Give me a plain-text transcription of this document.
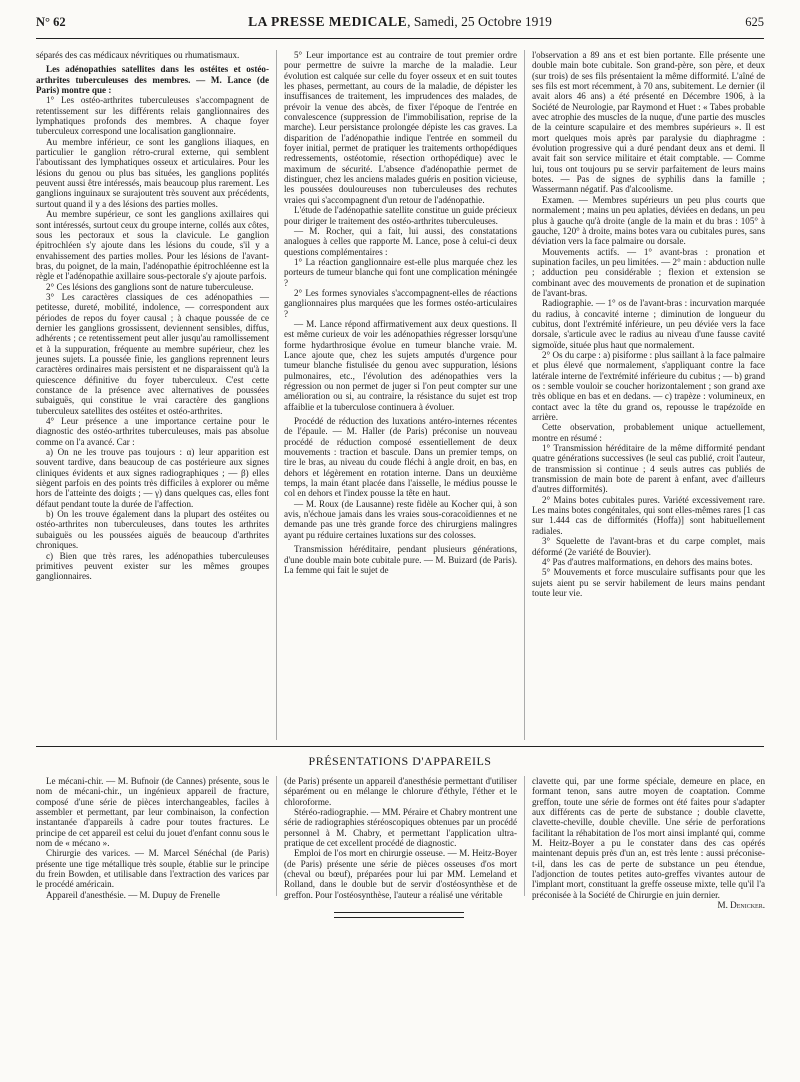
N° 62	LA PRESSE MEDICALE, Samedi, 25 Octobre 1919	625

séparés des cas médicaux névritiques ou rhumatismaux.

Les adénopathies satellites dans les ostéites et ostéo-arthrites tuberculeuses des membres. — M. Lance (de Paris) montre que :

1° Les ostéo-arthrites tuberculeuses s'accompagnent de retentissement sur les différents relais ganglionnaires des lymphatiques profonds des membres. A chaque foyer tuberculeux correspond une localisation ganglionnaire.

Au membre inférieur, ce sont les ganglions iliaques, en particulier le ganglion rétro-crural externe, qui semblent l'aboutissant des lymphatiques osseux et articulaires. Pour les lésions du genou ou plus bas situées, les ganglions poplités peuvent aussi être intéressés, mais beaucoup plus rarement. Les ganglions inguinaux se surajoutent très souvent aux précédents, surtout quand il y a des lésions des parties molles.

Au membre supérieur, ce sont les ganglions axillaires qui sont intéressés, surtout ceux du groupe interne, collés aux côtes, sous les pectoraux et sous la clavicule. Le ganglion épitrochléen s'y ajoute dans les lésions du coude, s'il y a envahissement des parties molles. Pour les lésions de l'avant-bras, du poignet, de la main, l'adénopathie épitrochléenne est la règle et l'adénopathie axillaire sous-pectorale s'y ajoute parfois.

2° Ces lésions des ganglions sont de nature tuberculeuse.

3° Les caractères classiques de ces adénopathies — petitesse, dureté, mobilité, indolence, — correspondent aux périodes de repos du foyer causal ; à chaque poussée de ce dernier les ganglions grossissent, deviennent sensibles, diffus, adhérents ; ce retentissement peut aller jusqu'au ramollissement et à la suppuration, fréquente au membre supérieur, chez les jeunes sujets. La poussée finie, les ganglions reprennent leurs caractères ordinaires mais persistent et ne disparaissent qu'à la quiescence définitive du foyer tuberculeux. C'est cette constance de la présence avec alternatives de poussées subaiguës, qui constitue le vrai caractère des ganglions tuberculeux satellites des ostéites et ostéo-arthrites.

4° Leur présence a une importance certaine pour le diagnostic des ostéo-arthrites tuberculeuses, mais pas absolue comme on l'a avancé. Car :

a) On ne les trouve pas toujours : α) leur apparition est souvent tardive, dans beaucoup de cas postérieure aux signes cliniques évidents et aux signes radiographiques ; — β) elles siègent parfois en des points très difficiles à explorer ou même hors de l'atteinte des doigts ; — γ) dans quelques cas, elles font défaut pendant toute la durée de l'affection.

b) On les trouve également dans la plupart des ostéites ou ostéo-arthrites non tuberculeuses, dans toutes les arthrites subaiguës ou les poussées aiguës de beaucoup d'arthrites chroniques.

c) Bien que très rares, les adénopathies tuberculeuses primitives peuvent exister sur les mêmes groupes ganglionnaires.

5° Leur importance est au contraire de tout premier ordre pour permettre de suivre la marche de la maladie. Leur évolution est calquée sur celle du foyer osseux et en suit toutes les phases, permettant, au cours de la maladie, de dépister les insuffisances de traitement, les imprudences des malades, de prévoir la venue des abcès, de fixer l'époque de l'entrée en convalescence (suppression de l'immobilisation, reprise de la marche). Leur persistance prolongée dépiste les cas graves. La disparition de l'adénopathie indique l'entrée en sommeil du foyer initial, permet de pratiquer les traitements orthopédiques redressements, ostéotomie, résection orthopédique) avec le maximum de sécurité. L'absence d'adénopathie permet de distinguer, chez les anciens malades guéris en position vicieuse, les poussées douloureuses non tuberculeuses des rechutes vraies qui s'accompagnent d'un retour de l'adénopathie.

L'étude de l'adénopathie satellite constitue un guide précieux pour diriger le traitement des ostéo-arthrites tuberculeuses.

— M. Rocher, qui a fait, lui aussi, des constatations analogues à celles que rapporte M. Lance, pose à celui-ci deux questions complémentaires :

1° La réaction ganglionnaire est-elle plus marquée chez les porteurs de tumeur blanche qui font une complication méningée ?

2° Les formes synoviales s'accompagnent-elles de réactions ganglionnaires plus marquées que les formes ostéo-articulaires ?

— M. Lance répond affirmativement aux deux questions. Il est même curieux de voir les adénopathies régresser lorsqu'une forme hydarthrosique évolue en tumeur blanche vraie. M. Lance ajoute que, chez les sujets amputés d'urgence pour tumeur blanche fistulisée du genou avec suppuration, lésions pulmonaires, etc., l'évolution des adénopathies vers la régression ou non permet de juger si l'on peut compter sur une amélioration ou si, au contraire, la résistance du sujet est trop affaiblie et la tuberculose continuera à évoluer.

Procédé de réduction des luxations antéro-internes récentes de l'épaule. — M. Haller (de Paris) préconise un nouveau procédé de réduction composé essentiellement de deux mouvements : traction et bascule. Dans un premier temps, on tire le bras, au niveau du coude fléchi à angle droit, en bas, en dehors et légèrement en rotation interne. Dans un deuxième temps, la main étant placée dans l'aisselle, le médius pousse le col en dehors et l'index pousse la tête en haut.

— M. Roux (de Lausanne) reste fidèle au Kocher qui, à son avis, n'échoue jamais dans les vraies sous-coracoïdiennes et ne demande pas une très grande force des chirurgiens malingres ayant pu réduire certaines luxations sur des colosses.

Transmission héréditaire, pendant plusieurs générations, d'une double main bote cubitale pure. — M. Buizard (de Paris). La femme qui fait le sujet de

l'observation a 89 ans et est bien portante. Elle présente une double main bote cubitale. Son grand-père, son père, et deux (sur trois) de ses fils présentaient la même difformité. L'aîné de ses fils est mort récemment, à 70 ans, subitement. Le dernier (il avait alors 46 ans) a été présenté en Décembre 1906, à la Société de Neurologie, par Raymond et Huet : « Tabes probable avec atrophie des muscles de la nuque, d'une partie des muscles de la ceinture scapulaire et des membres supérieurs ». Il est mort quelques mois après par paralysie du diaphragme : évolution progressive qui a duré pendant deux ans et demi. Il avait fait son service militaire et était comptable. — Comme lui, tous ont toujours pu se servir parfaitement de leurs mains botes. — Pas de signes de syphilis dans la famille ; Wassermann négatif. Pas d'alcoolisme.

Examen. — Membres supérieurs un peu plus courts que normalement ; mains un peu aplaties, déviées en dedans, un peu plus à gauche qu'à droite (angle de la main et du bras : 105° à gauche, 120° à droite, mains botes vara ou cubitales pures, sans déviation vers la face palmaire ou dorsale.

Mouvements actifs. — 1° avant-bras : pronation et supination faciles, un peu limitées. — 2° main : abduction nulle ; adduction peu considérable ; flexion et extension se combinant avec des mouvements de pronation et de supination de l'avant-bras.

Radiographie. — 1° os de l'avant-bras : incurvation marquée du radius, à concavité interne ; diminution de longueur du cubitus, dont l'extrémité inférieure, un peu déviée vers la face dorsale, s'articule avec le radius au niveau d'une fausse cavité sigmoïde, située plus haut que normalement.

2° Os du carpe : a) pisiforme : plus saillant à la face palmaire et plus élevé que normalement, s'appliquant contre la face latérale interne de l'extrémité inférieure du cubitus ; — b) grand os : semble vouloir se coucher horizontalement ; son grand axe très oblique en bas et en dedans. — c) trapèze : volumineux, en contact avec la tête du grand os, repousse le trapézoïde en arrière.

Cette observation, probablement unique actuellement, montre en résumé :

1° Transmission héréditaire de la même difformité pendant quatre générations successives (le seul cas publié, croit l'auteur, de transmission si continue ; 4 seuls autres cas publiés de transmission de main bote de parent à enfant, avec d'ailleurs d'autres difformités).

2° Mains botes cubitales pures. Variété excessivement rare. Les mains botes congénitales, qui sont elles-mêmes rares [1 cas sur 1.444 cas de difformités (Hoffa)] sont habituellement radiales.

3° Squelette de l'avant-bras et du carpe complet, mais déformé (2e variété de Bouvier).

4° Pas d'autres malformations, en dehors des mains botes.

5° Mouvements et force musculaire suffisants pour que les sujets aient pu se servir habilement de leurs mains pendant toute leur vie.

PRÉSENTATIONS D'APPAREILS

Le mécani-chir. — M. Bufnoir (de Cannes) présente, sous le nom de mécani-chir., un ingénieux appareil de fracture, composé d'une série de pièces interchangeables, faciles à assembler et permettant, par leur combinaison, la confection instantanée d'appareils à cadre pour toutes fractures. Le principe de cet appareil est celui du jouet d'enfant connu sous le nom de « mécano ».

Chirurgie des varices. — M. Marcel Sénéchal (de Paris) présente une tige métallique très souple, établie sur le principe du frein Bowden, et utilisable dans l'extraction des varices par le procédé américain.

Appareil d'anesthésie. — M. Dupuy de Frenelle

(de Paris) présente un appareil d'anesthésie permettant d'utiliser séparément ou en mélange le chlorure d'éthyle, l'éther et le chloroforme.

Stéréo-radiographie. — MM. Péraire et Chabry montrent une série de radiographies stéréoscopiques obtenues par un procédé personnel à M. Chabry, et permettant l'application ultra-pratique de cet excellent procédé de diagnostic.

Emploi de l'os mort en chirurgie osseuse. — M. Heitz-Boyer (de Paris) présente une série de pièces osseuses d'os mort (cheval ou bœuf), préparées pour lui par MM. Lemeland et Rolland, dans le double but de servir d'ostéosynthèse et de greffon. Pour l'ostéosynthèse, l'auteur a réalisé une véritable

clavette qui, par une forme spéciale, demeure en place, en formant tenon, sans autre moyen de coaptation. Comme greffon, toute une série de formes ont été faites pour s'adapter aux différents cas de perte de substance ; double clavette, clavette-cheville, double cheville. Une série de perforations facilitant la réhabitation de l'os mort ainsi implanté qui, comme M. Heitz-Boyer a pu le constater dans des cas opérés maintenant depuis près d'un an, est très lente : aussi préconise-t-il, dans les cas de perte de substance un peu étendue, l'adjonction de toutes petites auto-greffes vivantes autour de l'implant mort, constituant la greffe osseuse mixte, telle qu'il l'a préconisée à la Société de Chirurgie en juin dernier.

M. Denicker.
